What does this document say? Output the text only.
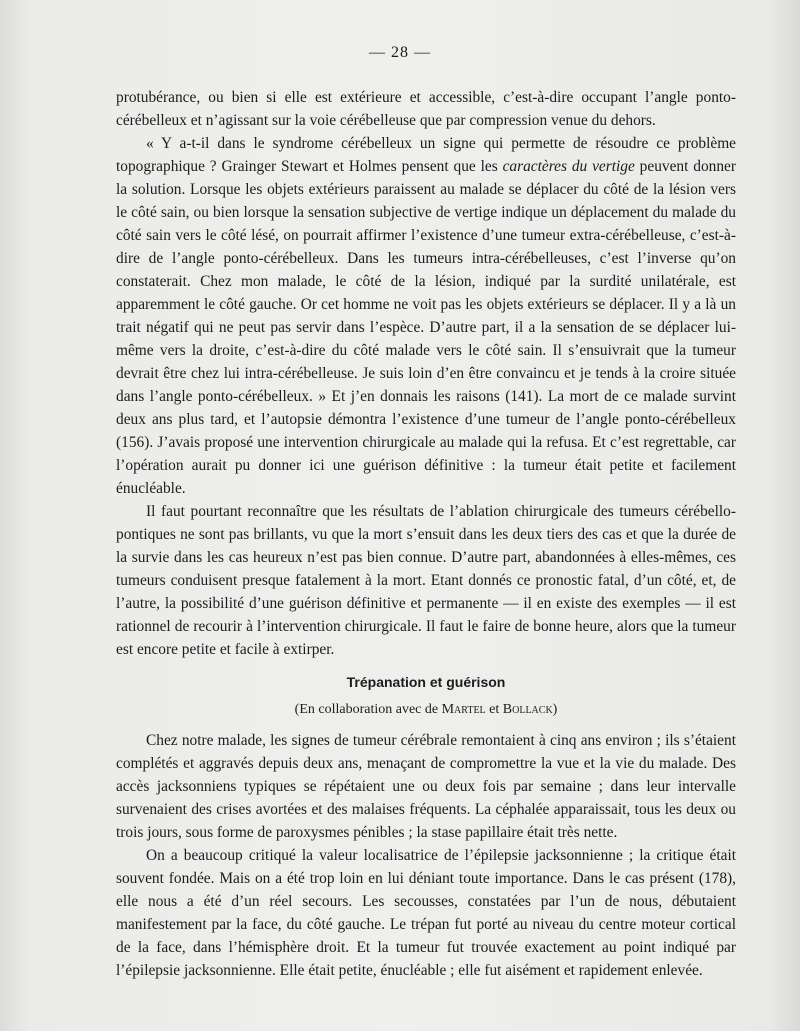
— 28 —

protubérance, ou bien si elle est extérieure et accessible, c’est-à-dire occupant l’angle ponto-cérébelleux et n’agissant sur la voie cérébelleuse que par compression venue du dehors.

« Y a-t-il dans le syndrome cérébelleux un signe qui permette de résoudre ce problème topographique ? Grainger Stewart et Holmes pensent que les caractères du vertige peuvent donner la solution. Lorsque les objets extérieurs paraissent au malade se déplacer du côté de la lésion vers le côté sain, ou bien lorsque la sensation subjective de vertige indique un déplacement du malade du côté sain vers le côté lésé, on pourrait affirmer l’existence d’une tumeur extra-cérébelleuse, c’est-à-dire de l’angle ponto-cérébelleux. Dans les tumeurs intra-cérébelleuses, c’est l’inverse qu’on constaterait. Chez mon malade, le côté de la lésion, indiqué par la surdité unilatérale, est apparemment le côté gauche. Or cet homme ne voit pas les objets extérieurs se déplacer. Il y a là un trait négatif qui ne peut pas servir dans l’espèce. D’autre part, il a la sensation de se déplacer lui-même vers la droite, c’est-à-dire du côté malade vers le côté sain. Il s’ensuivrait que la tumeur devrait être chez lui intra-cérébelleuse. Je suis loin d’en être convaincu et je tends à la croire située dans l’angle ponto-cérébelleux. » Et j’en donnais les raisons (141). La mort de ce malade survint deux ans plus tard, et l’autopsie démontra l’existence d’une tumeur de l’angle ponto-cérébelleux (156). J’avais proposé une intervention chirurgicale au malade qui la refusa. Et c’est regrettable, car l’opération aurait pu donner ici une guérison définitive : la tumeur était petite et facilement énucléable.

Il faut pourtant reconnaître que les résultats de l’ablation chirurgicale des tumeurs cérébello-pontiques ne sont pas brillants, vu que la mort s’ensuit dans les deux tiers des cas et que la durée de la survie dans les cas heureux n’est pas bien connue. D’autre part, abandonnées à elles-mêmes, ces tumeurs conduisent presque fatalement à la mort. Etant donnés ce pronostic fatal, d’un côté, et, de l’autre, la possibilité d’une guérison définitive et permanente — il en existe des exemples — il est rationnel de recourir à l’intervention chirurgicale. Il faut le faire de bonne heure, alors que la tumeur est encore petite et facile à extirper.

Trépanation et guérison
(En collaboration avec de Martel et Bollack)

Chez notre malade, les signes de tumeur cérébrale remontaient à cinq ans environ ; ils s’étaient complétés et aggravés depuis deux ans, menaçant de compromettre la vue et la vie du malade. Des accès jacksonniens typiques se répétaient une ou deux fois par semaine ; dans leur intervalle survenaient des crises avortées et des malaises fréquents. La céphalée apparaissait, tous les deux ou trois jours, sous forme de paroxysmes pénibles ; la stase papillaire était très nette.

On a beaucoup critiqué la valeur localisatrice de l’épilepsie jacksonnienne ; la critique était souvent fondée. Mais on a été trop loin en lui déniant toute importance. Dans le cas présent (178), elle nous a été d’un réel secours. Les secousses, constatées par l’un de nous, débutaient manifestement par la face, du côté gauche. Le trépan fut porté au niveau du centre moteur cortical de la face, dans l’hémisphère droit. Et la tumeur fut trouvée exactement au point indiqué par l’épilepsie jacksonnienne. Elle était petite, énucléable ; elle fut aisément et rapidement enlevée.
